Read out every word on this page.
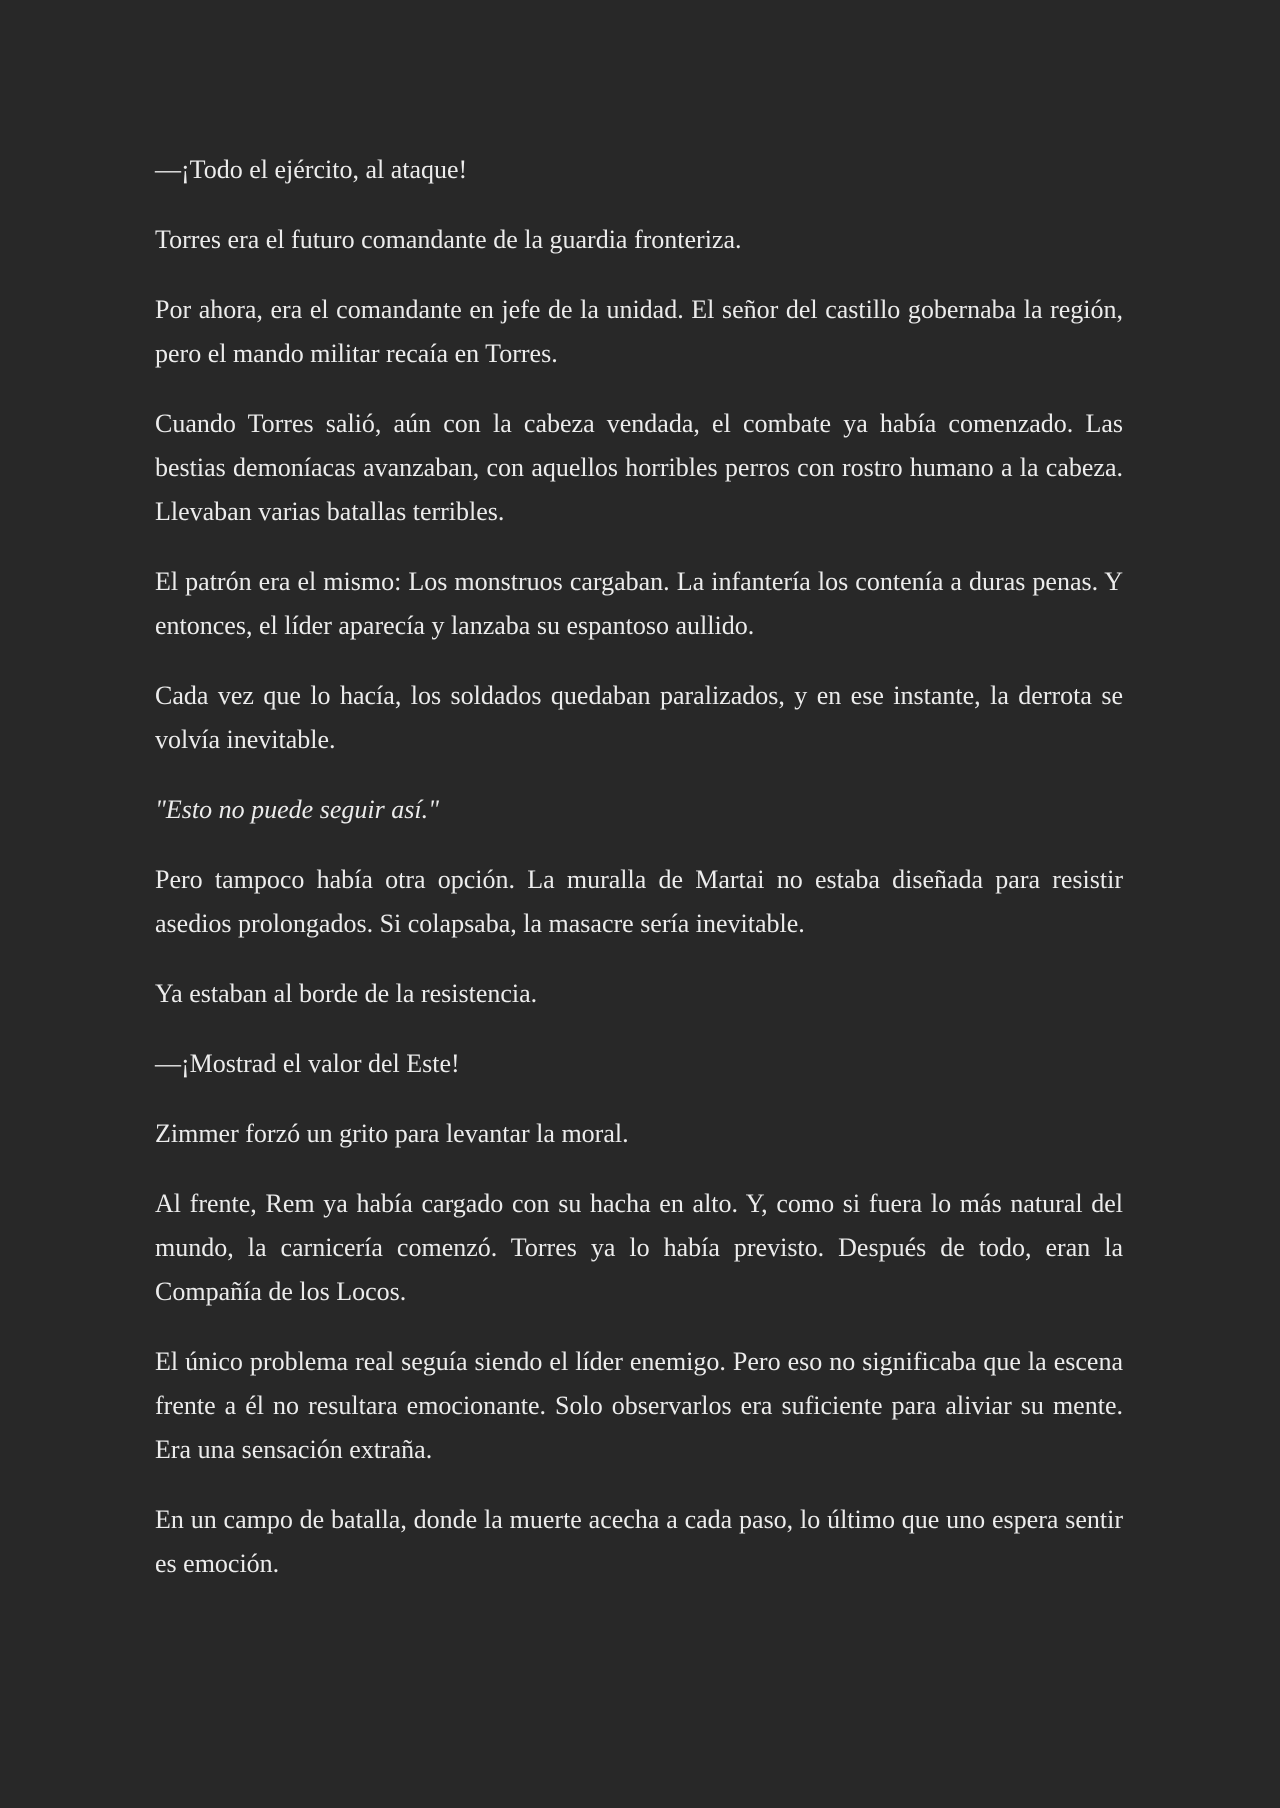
—¡Todo el ejército, al ataque!

Torres era el futuro comandante de la guardia fronteriza.

Por ahora, era el comandante en jefe de la unidad. El señor del castillo gobernaba la región, pero el mando militar recaía en Torres.

Cuando Torres salió, aún con la cabeza vendada, el combate ya había comenzado. Las bestias demoníacas avanzaban, con aquellos horribles perros con rostro humano a la cabeza. Llevaban varias batallas terribles.

El patrón era el mismo: Los monstruos cargaban. La infantería los contenía a duras penas. Y entonces, el líder aparecía y lanzaba su espantoso aullido.

Cada vez que lo hacía, los soldados quedaban paralizados, y en ese instante, la derrota se volvía inevitable.

"Esto no puede seguir así."

Pero tampoco había otra opción. La muralla de Martai no estaba diseñada para resistir asedios prolongados. Si colapsaba, la masacre sería inevitable.

Ya estaban al borde de la resistencia.

—¡Mostrad el valor del Este!

Zimmer forzó un grito para levantar la moral.

Al frente, Rem ya había cargado con su hacha en alto. Y, como si fuera lo más natural del mundo, la carnicería comenzó. Torres ya lo había previsto. Después de todo, eran la Compañía de los Locos.

El único problema real seguía siendo el líder enemigo. Pero eso no significaba que la escena frente a él no resultara emocionante. Solo observarlos era suficiente para aliviar su mente. Era una sensación extraña.

En un campo de batalla, donde la muerte acecha a cada paso, lo último que uno espera sentir es emoción.
